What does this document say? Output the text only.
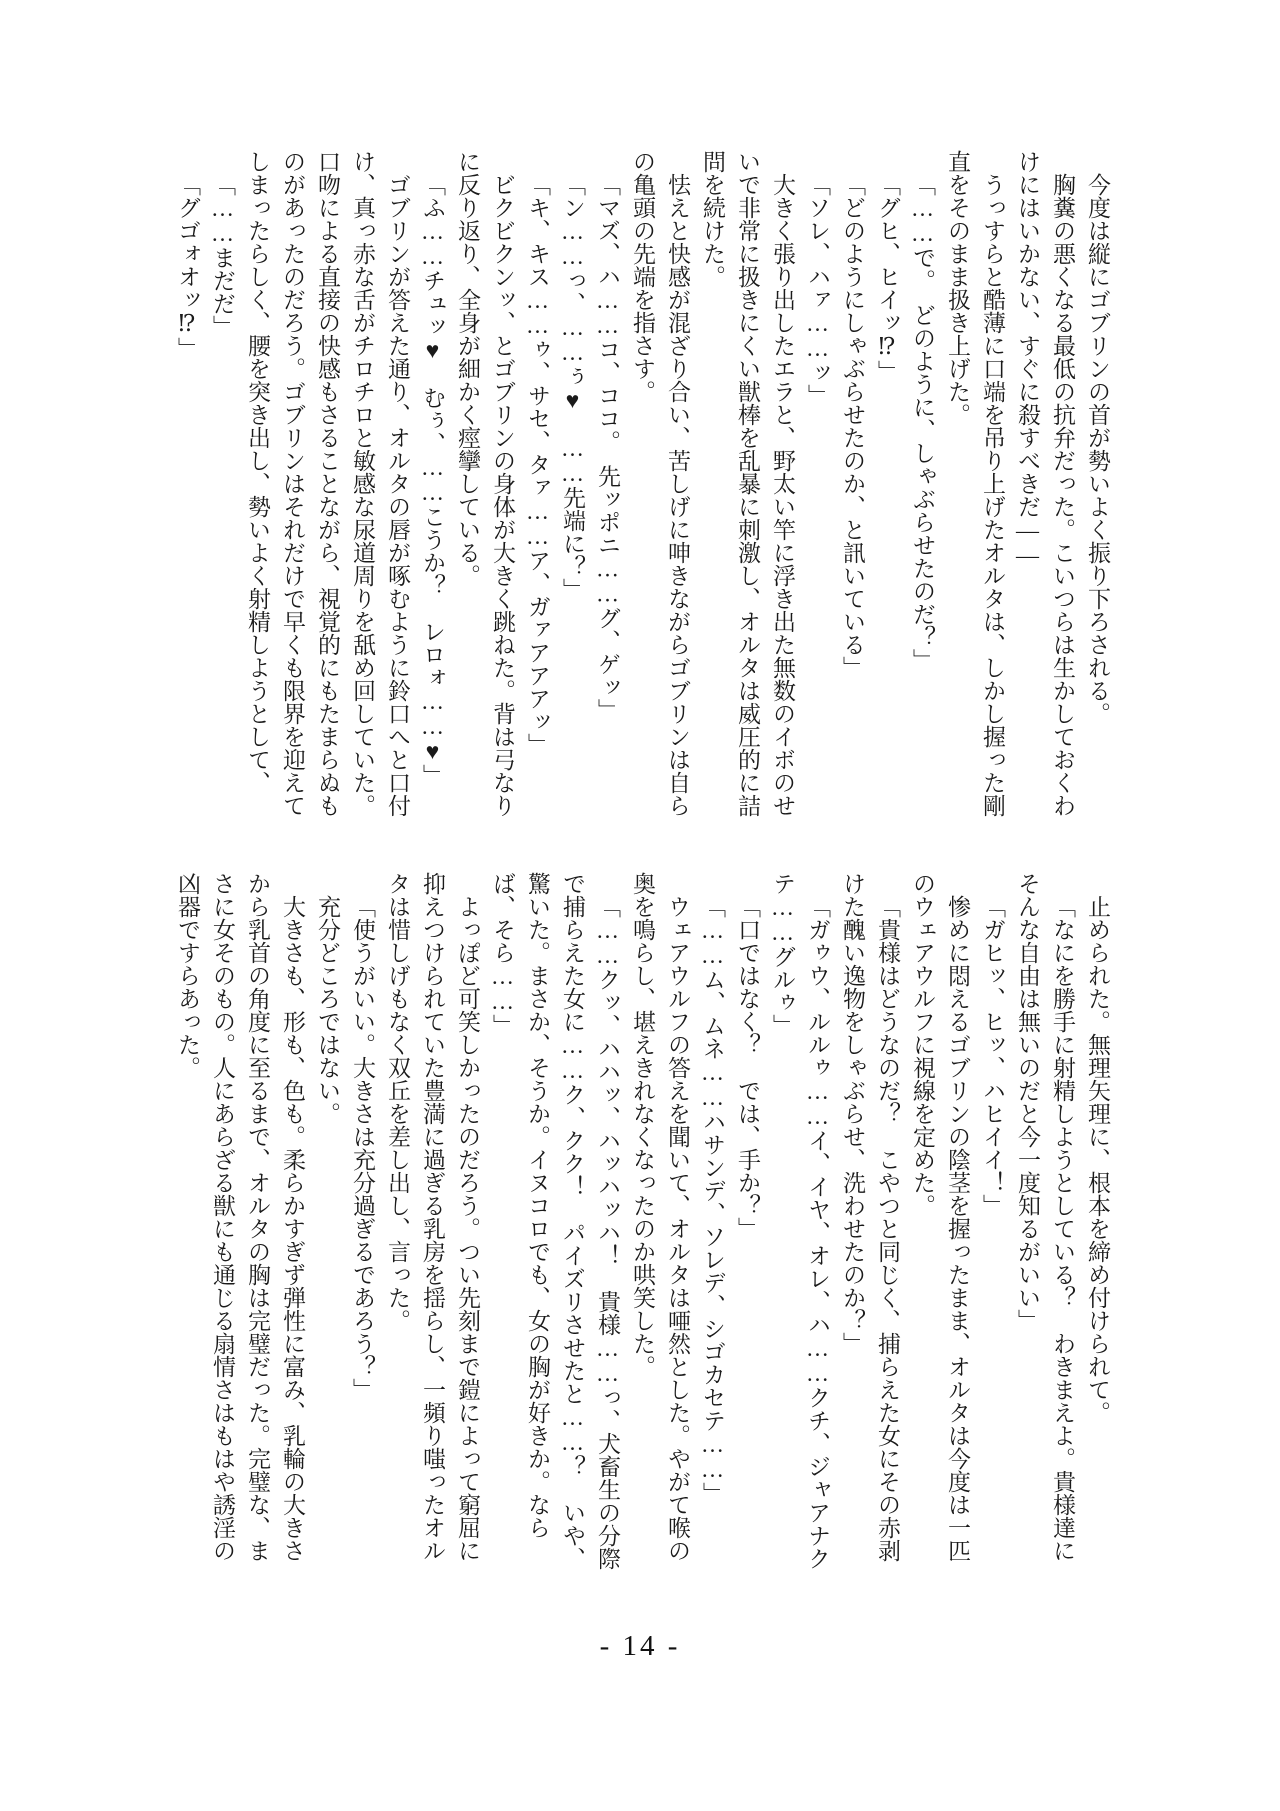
今度は縦にゴブリンの首が勢いよく振り下ろされる。

胸糞の悪くなる最低の抗弁だった。こいつらは生かしておくわけにはいかない、すぐに殺すべきだ――

うっすらと酷薄に口端を吊り上げたオルタは、しかし握った剛直をそのまま扱き上げた。

「……で。　どのように、しゃぶらせたのだ？」

「グヒ、ヒイッ⁉」

「どのようにしゃぶらせたのか、と訊いている」

「ソレ、ハァ……ッ」

大きく張り出したエラと、野太い竿に浮き出た無数のイボのせいで非常に扱きにくい獣棒を乱暴に刺激し、オルタは威圧的に詰問を続けた。

怯えと快感が混ざり合い、苦しげに呻きながらゴブリンは自らの亀頭の先端を指さす。

「マズ、ハ……コ、ココ。　先ッポニ……グ、ゲッ」

「ン……っ、……ぅ♥　……先端に？」

「キ、キス……ゥ、サセ、タァ……ア、ガァアアアッ」

ビクビクンッ、とゴブリンの身体が大きく跳ねた。背は弓なりに反り返り、全身が細かく痙攣している。

「ふ……チュッ♥　むぅ、……こうか？　レロォ……♥」

ゴブリンが答えた通り、オルタの唇が啄むように鈴口へと口付け、真っ赤な舌がチロチロと敏感な尿道周りを舐め回していた。口吻による直接の快感もさることながら、視覚的にもたまらぬものがあったのだろう。ゴブリンはそれだけで早くも限界を迎えてしまったらしく、腰を突き出し、勢いよく射精しようとして、

「……まだだ」

「グゴォオッ⁉」

止められた。無理矢理に、根本を締め付けられて。

「なにを勝手に射精しようとしている？　わきまえよ。貴様達にそんな自由は無いのだと今一度知るがいい」

「ガヒッ、ヒッ、ハヒイイ！」

惨めに悶えるゴブリンの陰茎を握ったまま、オルタは今度は一匹のウェアウルフに視線を定めた。

「貴様はどうなのだ？　こやつと同じく、捕らえた女にその赤剥けた醜い逸物をしゃぶらせ、洗わせたのか？」

「ガゥウ、ルルゥ……イ、イヤ、オレ、ハ……クチ、ジャアナクテ……グルゥ」

「口ではなく？　では、手か？」

「……ム、ムネ……ハサンデ、ソレデ、シゴカセテ……」

ウェアウルフの答えを聞いて、オルタは唖然とした。やがて喉の奥を鳴らし、堪えきれなくなったのか哄笑した。

「……クッ、ハハッ、ハッハッハ！　貴様……っ、犬畜生の分際で捕らえた女に……ク、クク！　パイズリさせたと……？　いや、驚いた。まさか、そうか。イヌコロでも、女の胸が好きか。ならば、そら……」

よっぽど可笑しかったのだろう。つい先刻まで鎧によって窮屈に抑えつけられていた豊満に過ぎる乳房を揺らし、一頻り嗤ったオルタは惜しげもなく双丘を差し出し、言った。

「使うがいい。大きさは充分過ぎるであろう？」

充分どころではない。

大きさも、形も、色も。柔らかすぎず弾性に富み、乳輪の大きさから乳首の角度に至るまで、オルタの胸は完璧だった。完璧な、まさに女そのもの。人にあらざる獣にも通じる扇情さはもはや誘淫の凶器ですらあった。

- 14 -
